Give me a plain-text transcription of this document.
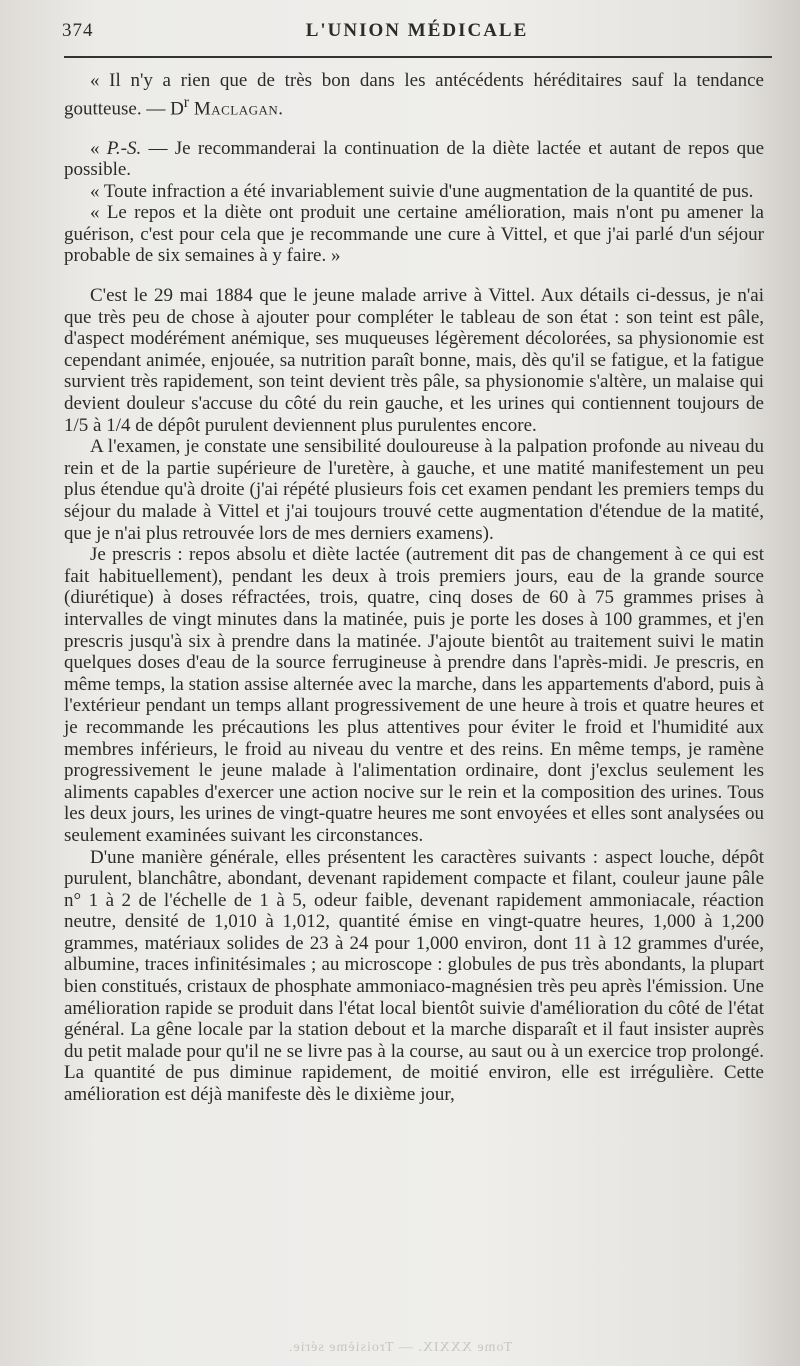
374	L'UNION MÉDICALE

« Il n'y a rien que de très bon dans les antécédents héréditaires sauf la tendance goutteuse. — $D^r$ Maclagan.

« P.-S. — Je recommanderai la continuation de la diète lactée et autant de repos que possible.

« Toute infraction a été invariablement suivie d'une augmentation de la quantité de pus.

« Le repos et la diète ont produit une certaine amélioration, mais n'ont pu amener la guérison, c'est pour cela que je recommande une cure à Vittel, et que j'ai parlé d'un séjour probable de six semaines à y faire. »

C'est le 29 mai 1884 que le jeune malade arrive à Vittel. Aux détails ci-dessus, je n'ai que très peu de chose à ajouter pour compléter le tableau de son état : son teint est pâle, d'aspect modérément anémique, ses muqueuses légèrement décolorées, sa physionomie est cependant animée, enjouée, sa nutrition paraît bonne, mais, dès qu'il se fatigue, et la fatigue survient très rapidement, son teint devient très pâle, sa physionomie s'altère, un malaise qui devient douleur s'accuse du côté du rein gauche, et les urines qui contiennent toujours de 1/5 à 1/4 de dépôt purulent deviennent plus purulentes encore.

A l'examen, je constate une sensibilité douloureuse à la palpation profonde au niveau du rein et de la partie supérieure de l'uretère, à gauche, et une matité manifestement un peu plus étendue qu'à droite (j'ai répété plusieurs fois cet examen pendant les premiers temps du séjour du malade à Vittel et j'ai toujours trouvé cette augmentation d'étendue de la matité, que je n'ai plus retrouvée lors de mes derniers examens).

Je prescris : repos absolu et diète lactée (autrement dit pas de changement à ce qui est fait habituellement), pendant les deux à trois premiers jours, eau de la grande source (diurétique) à doses réfractées, trois, quatre, cinq doses de 60 à 75 grammes prises à intervalles de vingt minutes dans la matinée, puis je porte les doses à 100 grammes, et j'en prescris jusqu'à six à prendre dans la matinée. J'ajoute bientôt au traitement suivi le matin quelques doses d'eau de la source ferrugineuse à prendre dans l'après-midi. Je prescris, en même temps, la station assise alternée avec la marche, dans les appartements d'abord, puis à l'extérieur pendant un temps allant progressivement de une heure à trois et quatre heures et je recommande les précautions les plus attentives pour éviter le froid et l'humidité aux membres inférieurs, le froid au niveau du ventre et des reins. En même temps, je ramène progressivement le jeune malade à l'alimentation ordinaire, dont j'exclus seulement les aliments capables d'exercer une action nocive sur le rein et la composition des urines. Tous les deux jours, les urines de vingt-quatre heures me sont envoyées et elles sont analysées ou seulement examinées suivant les circonstances.

D'une manière générale, elles présentent les caractères suivants : aspect louche, dépôt purulent, blanchâtre, abondant, devenant rapidement compacte et filant, couleur jaune pâle n° 1 à 2 de l'échelle de 1 à 5, odeur faible, devenant rapidement ammoniacale, réaction neutre, densité de 1,010 à 1,012, quantité émise en vingt-quatre heures, 1,000 à 1,200 grammes, matériaux solides de 23 à 24 pour 1,000 environ, dont 11 à 12 grammes d'urée, albumine, traces infinitésimales ; au microscope : globules de pus très abondants, la plupart bien constitués, cristaux de phosphate ammoniaco-magnésien très peu après l'émission. Une amélioration rapide se produit dans l'état local bientôt suivie d'amélioration du côté de l'état général. La gêne locale par la station debout et la marche disparaît et il faut insister auprès du petit malade pour qu'il ne se livre pas à la course, au saut ou à un exercice trop prolongé. La quantité de pus diminue rapidement, de moitié environ, elle est irrégulière. Cette amélioration est déjà manifeste dès le dixième jour,

Tome XXXIX. — Troisième série.
